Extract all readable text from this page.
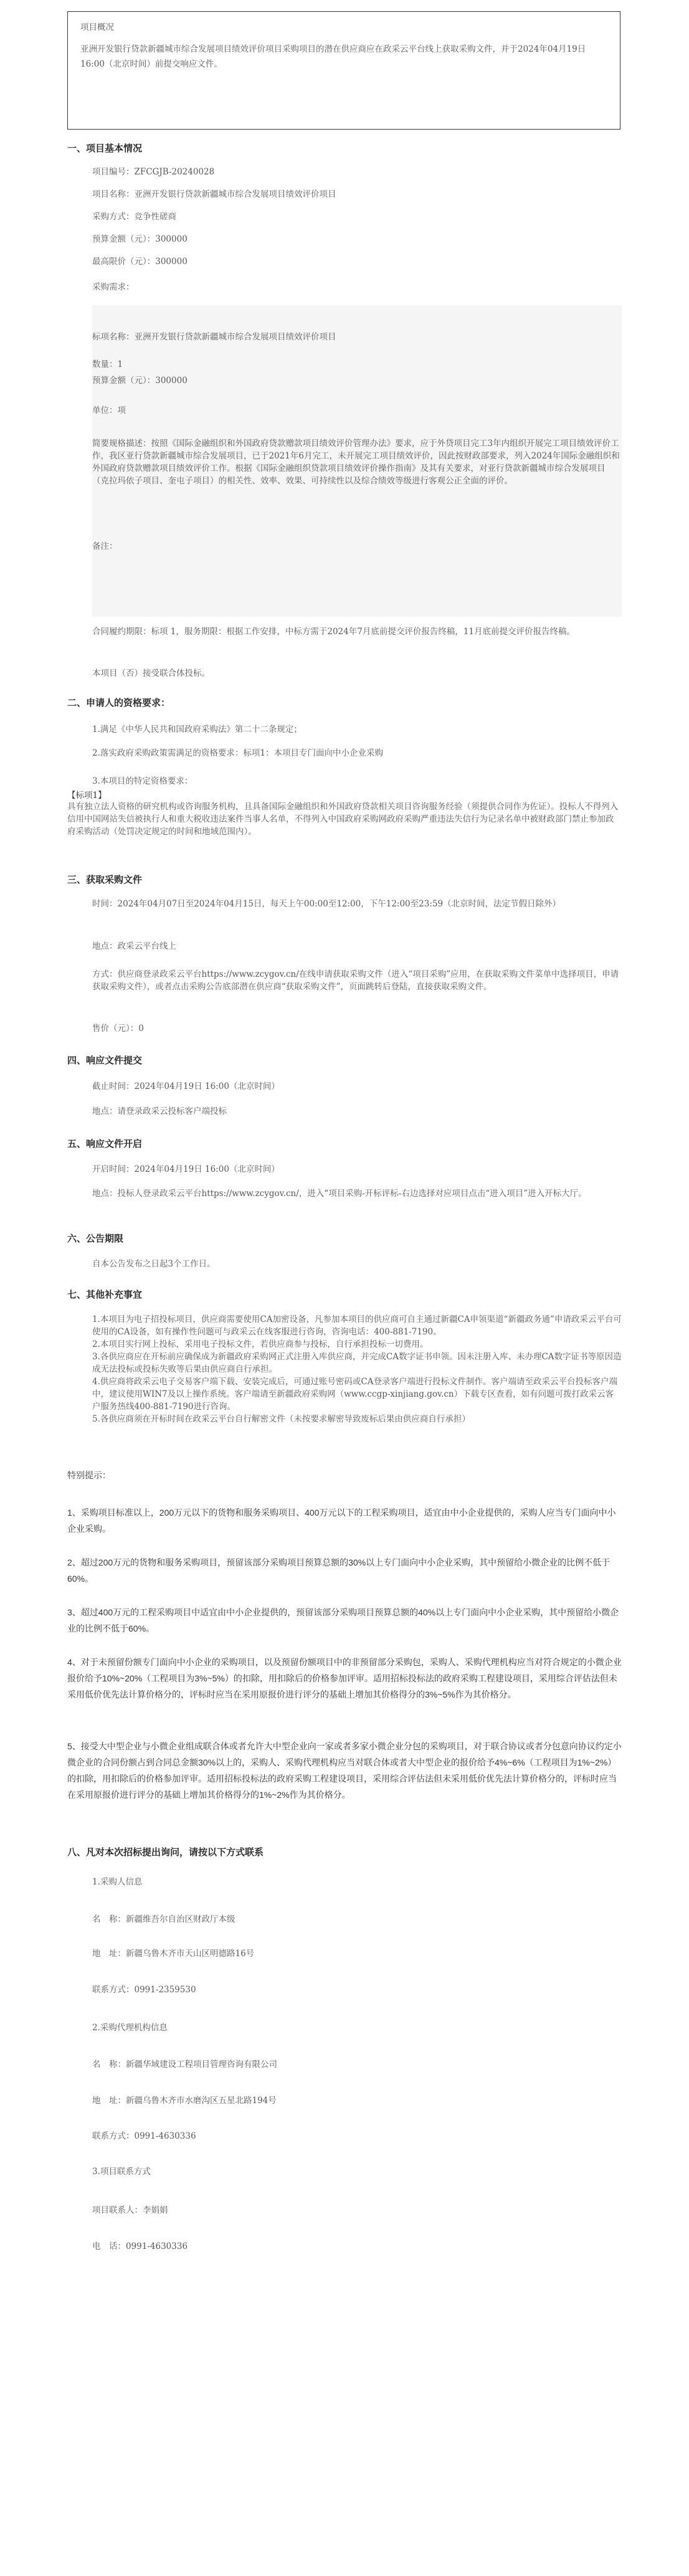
项目概况

亚洲开发银行贷款新疆城市综合发展项目绩效评价项目采购项目的潜在供应商应在政采云平台线上获取采购文件，并于2024年04月19日 16:00（北京时间）前提交响应文件。

一、项目基本情况

项目编号：ZFCGJB-20240028

项目名称：亚洲开发银行贷款新疆城市综合发展项目绩效评价项目

采购方式：竞争性磋商

预算金额（元）：300000

最高限价（元）：300000

采购需求：

标项名称：亚洲开发银行贷款新疆城市综合发展项目绩效评价项目

数量：1

预算金额（元）：300000

单位：项

简要规格描述：按照《国际金融组织和外国政府贷款赠款项目绩效评价管理办法》要求，应于外贷项目完工3年内组织开展完工项目绩效评价工作，我区亚行贷款新疆城市综合发展项目，已于2021年6月完工，未开展完工项目绩效评价，因此按财政部要求，列入2024年国际金融组织和外国政府贷款赠款项目绩效评价工作。根据《国际金融组织贷款项目绩效评价操作指南》及其有关要求，对亚行贷款新疆城市综合发展项目（克拉玛依子项目、奎屯子项目）的相关性、效率、效果、可持续性以及综合绩效等级进行客观公正全面的评价。

备注：

合同履约期限：标项 1，服务期限：根据工作安排，中标方需于2024年7月底前提交评价报告终稿，11月底前提交评价报告终稿。

本项目（否）接受联合体投标。

二、申请人的资格要求：

1.满足《中华人民共和国政府采购法》第二十二条规定；

2.落实政府采购政策需满足的资格要求：标项1：本项目专门面向中小企业采购

3.本项目的特定资格要求：

【标项1】

具有独立法人资格的研究机构或咨询服务机构，且具备国际金融组织和外国政府贷款相关项目咨询服务经验（须提供合同作为佐证）。投标人不得列入信用中国网站失信被执行人和重大税收违法案件当事人名单，不得列入中国政府采购网政府采购严重违法失信行为记录名单中被财政部门禁止参加政府采购活动（处罚决定规定的时间和地域范围内）。

三、获取采购文件

时间：2024年04月07日至2024年04月15日，每天上午00:00至12:00，下午12:00至23:59（北京时间，法定节假日除外）

地点：政采云平台线上

方式：供应商登录政采云平台https://www.zcygov.cn/在线申请获取采购文件（进入“项目采购”应用，在获取采购文件菜单中选择项目，申请获取采购文件），或者点击采购公告底部潜在供应商“获取采购文件”，页面跳转后登陆，直接获取采购文件。

售价（元）：0

四、响应文件提交

截止时间：2024年04月19日 16:00（北京时间）

地点：请登录政采云投标客户端投标

五、响应文件开启

开启时间：2024年04月19日 16:00（北京时间）

地点：投标人登录政采云平台https://www.zcygov.cn/，进入“项目采购-开标评标-右边选择对应项目点击“进入项目”进入开标大厅。

六、公告期限

自本公告发布之日起3个工作日。

七、其他补充事宜

1.本项目为电子招投标项目，供应商需要使用CA加密设备，凡参加本项目的供应商可自主通过新疆CA申领渠道“新疆政务通”申请政采云平台可使用的CA设备，如有操作性问题可与政采云在线客服进行咨询，咨询电话：400-881-7190。

2.本项目实行网上投标，采用电子投标文件，若供应商参与投标，自行承担投标一切费用。

3.各供应商应在开标前应确保成为新疆政府采购网正式注册入库供应商，并完成CA数字证书申领。因未注册入库、未办理CA数字证书等原因造成无法投标或投标失败等后果由供应商自行承担。

4.供应商将政采云电子交易客户端下载、安装完成后，可通过账号密码或CA登录客户端进行投标文件制作。客户端请至政采云平台投标客户端中，建议使用WIN7及以上操作系统。客户端请至新疆政府采购网（www.ccgp-xinjiang.gov.cn）下载专区查看，如有问题可拨打政采云客户服务热线400-881-7190进行咨询。

5.各供应商须在开标时间在政采云平台自行解密文件（未按要求解密导致废标后果由供应商自行承担）

特别提示：

1、采购项目标准以上，200万元以下的货物和服务采购项目、400万元以下的工程采购项目，适宜由中小企业提供的，采购人应当专门面向中小企业采购。

2、超过200万元的货物和服务采购项目，预留该部分采购项目预算总额的30%以上专门面向中小企业采购，其中预留给小微企业的比例不低于60%。

3、超过400万元的工程采购项目中适宜由中小企业提供的，预留该部分采购项目预算总额的40%以上专门面向中小企业采购，其中预留给小微企业的比例不低于60%。

4、对于未预留份额专门面向中小企业的采购项目，以及预留份额项目中的非预留部分采购包，采购人、采购代理机构应当对符合规定的小微企业报价给予10%~20%（工程项目为3%~5%）的扣除，用扣除后的价格参加评审。适用招标投标法的政府采购工程建设项目，采用综合评估法但未采用低价优先法计算价格分的，评标时应当在采用原报价进行评分的基础上增加其价格得分的3%~5%作为其价格分。

5、接受大中型企业与小微企业组成联合体或者允许大中型企业向一家或者多家小微企业分包的采购项目，对于联合协议或者分包意向协议约定小微企业的合同份额占到合同总金额30%以上的，采购人、采购代理机构应当对联合体或者大中型企业的报价给予4%~6%（工程项目为1%~2%）的扣除，用扣除后的价格参加评审。适用招标投标法的政府采购工程建设项目，采用综合评估法但未采用低价优先法计算价格分的，评标时应当在采用原报价进行评分的基础上增加其价格得分的1%~2%作为其价格分。

八、凡对本次招标提出询问，请按以下方式联系

1.采购人信息

名　称：新疆维吾尔自治区财政厅本级

地　址：新疆乌鲁木齐市天山区明德路16号

联系方式：0991-2359530

2.采购代理机构信息

名　称：新疆华域建设工程项目管理咨询有限公司

地　址：新疆乌鲁木齐市水磨沟区五星北路194号

联系方式：0991-4630336

3.项目联系方式

项目联系人：李娟娟

电　话：0991-4630336
